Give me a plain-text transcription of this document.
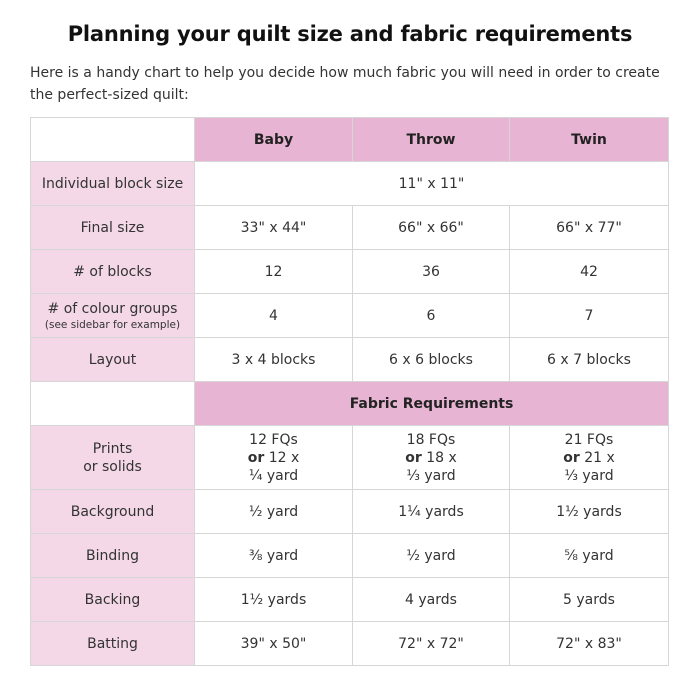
Planning your quilt size and fabric requirements
Here is a handy chart to help you decide how much fabric you will need in order to create the perfect-sized quilt:
	Baby	Throw	Twin
Individual block size	11" x 11"		
Final size	33" x 44"	66" x 66"	66" x 77"
# of blocks	12	36	42
# of colour groups
(see sidebar for example)	4	6	7
Layout	3 x 4 blocks	6 x 6 blocks	6 x 7 blocks
	Fabric Requirements		

Prints
or solids	12 FQs
or 12 x
¼ yard	18 FQs
or 18 x
⅓ yard	21 FQs
or 21 x
⅓ yard

Background	½ yard	1¼ yards	1½ yards
Binding	⅜ yard	½ yard	⅝ yard
Backing	1½ yards	4 yards	5 yards
Batting	39" x 50"	72" x 72"	72" x 83"
